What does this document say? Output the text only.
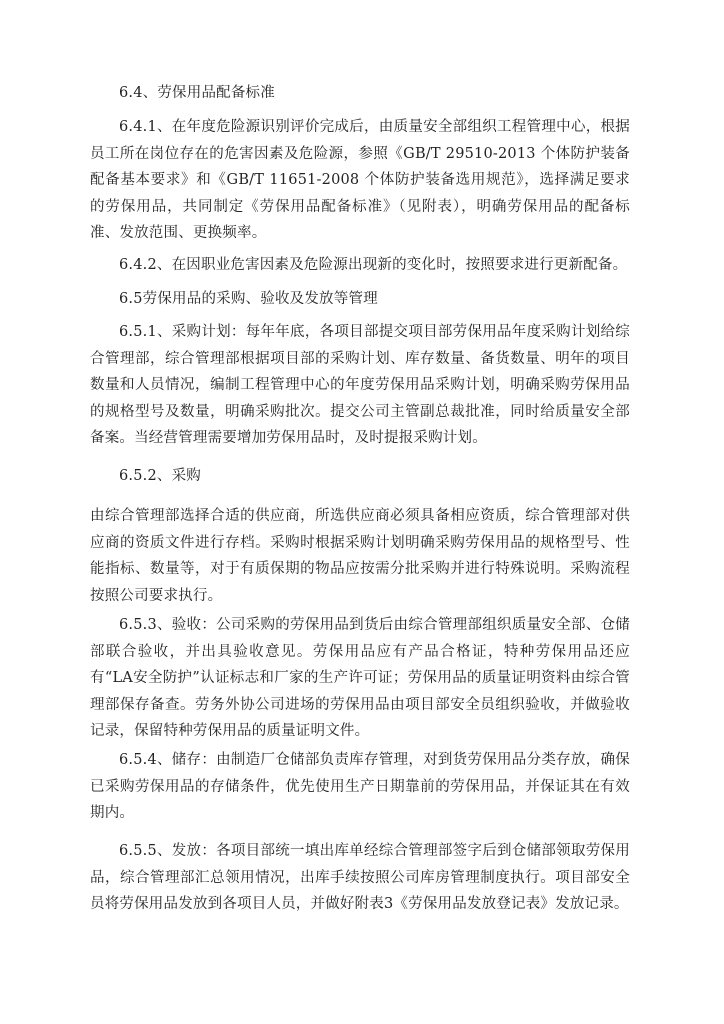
6.4、劳保用品配备标准

6.4.1、在年度危险源识别评价完成后，由质量安全部组织工程管理中心，根据员工所在岗位存在的危害因素及危险源，参照《GB/T 29510-2013 个体防护装备配备基本要求》和《GB/T 11651-2008 个体防护装备选用规范》，选择满足要求的劳保用品，共同制定《劳保用品配备标准》（见附表），明确劳保用品的配备标准、发放范围、更换频率。

6.4.2、在因职业危害因素及危险源出现新的变化时，按照要求进行更新配备。

6.5劳保用品的采购、验收及发放等管理

6.5.1、采购计划：每年年底，各项目部提交项目部劳保用品年度采购计划给综合管理部，综合管理部根据项目部的采购计划、库存数量、备货数量、明年的项目数量和人员情况，编制工程管理中心的年度劳保用品采购计划，明确采购劳保用品的规格型号及数量，明确采购批次。提交公司主管副总裁批准，同时给质量安全部备案。当经营管理需要增加劳保用品时，及时提报采购计划。

6.5.2、采购

由综合管理部选择合适的供应商，所选供应商必须具备相应资质，综合管理部对供应商的资质文件进行存档。采购时根据采购计划明确采购劳保用品的规格型号、性能指标、数量等，对于有质保期的物品应按需分批采购并进行特殊说明。采购流程按照公司要求执行。

6.5.3、验收：公司采购的劳保用品到货后由综合管理部组织质量安全部、仓储部联合验收，并出具验收意见。劳保用品应有产品合格证，特种劳保用品还应有“LA安全防护”认证标志和厂家的生产许可证；劳保用品的质量证明资料由综合管理部保存备查。劳务外协公司进场的劳保用品由项目部安全员组织验收，并做验收记录，保留特种劳保用品的质量证明文件。

6.5.4、储存：由制造厂仓储部负责库存管理，对到货劳保用品分类存放，确保已采购劳保用品的存储条件，优先使用生产日期靠前的劳保用品，并保证其在有效期内。

6.5.5、发放：各项目部统一填出库单经综合管理部签字后到仓储部领取劳保用品，综合管理部汇总领用情况，出库手续按照公司库房管理制度执行。项目部安全员将劳保用品发放到各项目人员，并做好附表3《劳保用品发放登记表》发放记录。
